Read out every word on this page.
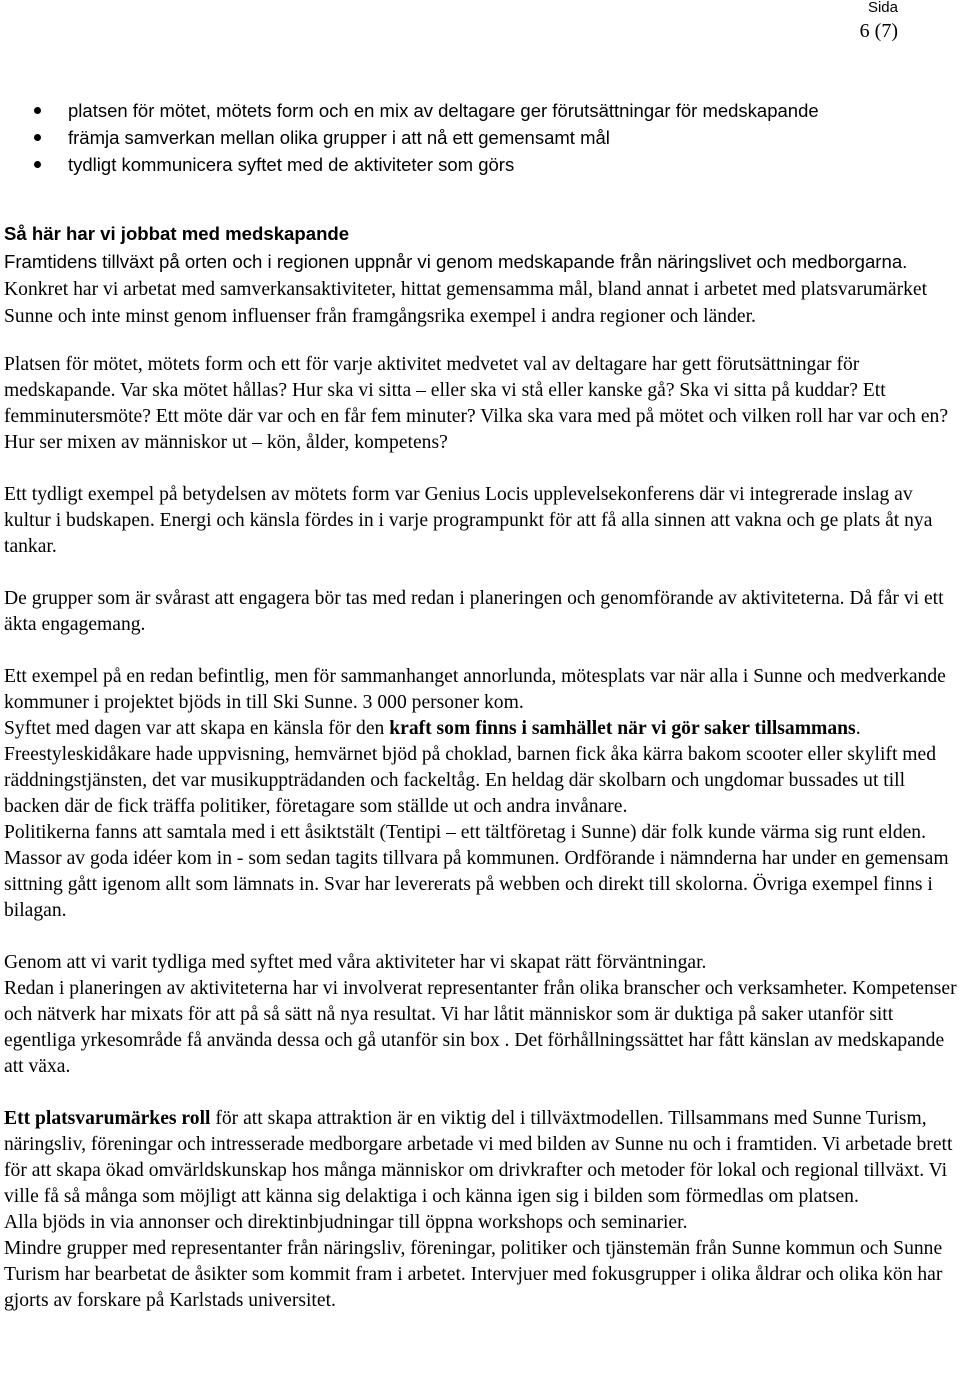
Sida
6 (7)
platsen för mötet, mötets form och en mix av deltagare ger förutsättningar för medskapande
främja samverkan mellan olika grupper i att nå ett gemensamt mål
tydligt kommunicera syftet med de aktiviteter som görs

Så här har vi jobbat med medskapande

Framtidens tillväxt på orten och i regionen uppnår vi genom medskapande från näringslivet och medborgarna. Konkret har vi arbetat med samverkansaktiviteter, hittat gemensamma mål, bland annat i arbetet med platsvarumärket Sunne och inte minst genom influenser från framgångsrika exempel i andra regioner och länder.

Platsen för mötet, mötets form och ett för varje aktivitet medvetet val av deltagare har gett förutsättningar för medskapande. Var ska mötet hållas? Hur ska vi sitta – eller ska vi stå eller kanske gå? Ska vi sitta på kuddar? Ett femminutersmöte? Ett möte där var och en får fem minuter? Vilka ska vara med på mötet och vilken roll har var och en? Hur ser mixen av människor ut – kön, ålder, kompetens?

Ett tydligt exempel på betydelsen av mötets form var Genius Locis upplevelsekonferens där vi integrerade inslag av kultur i budskapen. Energi och känsla fördes in i varje programpunkt för att få alla sinnen att vakna och ge plats åt nya tankar.

De grupper som är svårast att engagera bör tas med redan i planeringen och genomförande av aktiviteterna. Då får vi ett äkta engagemang.

Ett exempel på en redan befintlig, men för sammanhanget annorlunda, mötesplats var när alla i Sunne och medverkande kommuner i projektet bjöds in till Ski Sunne. 3 000 personer kom.

Syftet med dagen var att skapa en känsla för den kraft som finns i samhället när vi gör saker tillsammans. Freestyleskidåkare hade uppvisning, hemvärnet bjöd på choklad, barnen fick åka kärra bakom scooter eller skylift med räddningstjänsten, det var musikuppträdanden och fackeltåg. En heldag där skolbarn och ungdomar bussades ut till backen där de fick träffa politiker, företagare som ställde ut och andra invånare.

Politikerna fanns att samtala med i ett åsiktstält (Tentipi – ett tältföretag i Sunne) där folk kunde värma sig runt elden. Massor av goda idéer kom in - som sedan tagits tillvara på kommunen. Ordförande i nämnderna har under en gemensam sittning gått igenom allt som lämnats in. Svar har levererats på webben och direkt till skolorna. Övriga exempel finns i bilagan.

Genom att vi varit tydliga med syftet med våra aktiviteter har vi skapat rätt förväntningar.

Redan i planeringen av aktiviteterna har vi involverat representanter från olika branscher och verksamheter. Kompetenser och nätverk har mixats för att på så sätt nå nya resultat. Vi har låtit människor som är duktiga på saker utanför sitt egentliga yrkesområde få använda dessa och gå utanför sin box . Det förhållningssättet har fått känslan av medskapande att växa.

Ett platsvarumärkes roll för att skapa attraktion är en viktig del i tillväxtmodellen. Tillsammans med Sunne Turism, näringsliv, föreningar och intresserade medborgare arbetade vi med bilden av Sunne nu och i framtiden. Vi arbetade brett för att skapa ökad omvärldskunskap hos många människor om drivkrafter och metoder för lokal och regional tillväxt. Vi ville få så många som möjligt att känna sig delaktiga i och känna igen sig i bilden som förmedlas om platsen.

Alla bjöds in via annonser och direktinbjudningar till öppna workshops och seminarier.

Mindre grupper med representanter från näringsliv, föreningar, politiker och tjänstemän från Sunne kommun och Sunne Turism har bearbetat de åsikter som kommit fram i arbetet. Intervjuer med fokusgrupper i olika åldrar och olika kön har gjorts av forskare på Karlstads universitet.
